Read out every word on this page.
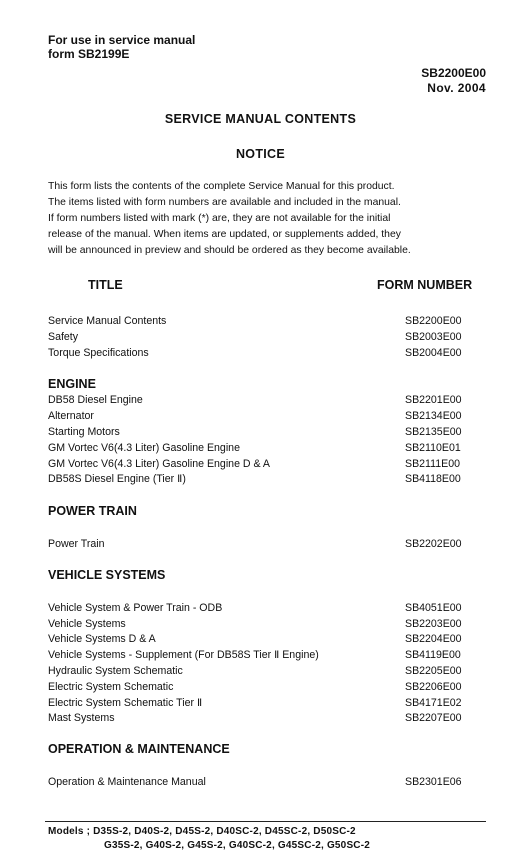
For use in service manual
form SB2199E
SB2200E00
Nov. 2004
SERVICE MANUAL CONTENTS
NOTICE
This form lists the contents of the complete Service Manual for this product.
The items listed with form numbers are available and included in the manual.
If form numbers listed with mark (*) are, they are not available for the initial
release of the manual. When items are updated, or supplements added, they
will be announced in preview and should be ordered as they become available.
TITLE	FORM NUMBER
Service Manual Contents	SB2200E00
Safety	SB2003E00
Torque Specifications	SB2004E00
ENGINE
DB58 Diesel Engine	SB2201E00
Alternator	SB2134E00
Starting Motors	SB2135E00
GM Vortec V6(4.3 Liter) Gasoline Engine	SB2110E01
GM Vortec V6(4.3 Liter) Gasoline Engine D & A	SB2111E00
DB58S Diesel Engine (Tier Ⅱ)	SB4118E00
POWER TRAIN
Power Train	SB2202E00
VEHICLE SYSTEMS
Vehicle System & Power Train - ODB	SB4051E00
Vehicle Systems	SB2203E00
Vehicle Systems D & A	SB2204E00
Vehicle Systems - Supplement (For DB58S Tier Ⅱ Engine)	SB4119E00
Hydraulic System Schematic	SB2205E00
Electric System Schematic	SB2206E00
Electric System Schematic Tier Ⅱ	SB4171E02
Mast Systems	SB2207E00
OPERATION & MAINTENANCE
Operation & Maintenance Manual	SB2301E06
Models ; D35S-2, D40S-2, D45S-2, D40SC-2, D45SC-2, D50SC-2
G35S-2, G40S-2, G45S-2, G40SC-2, G45SC-2, G50SC-2
